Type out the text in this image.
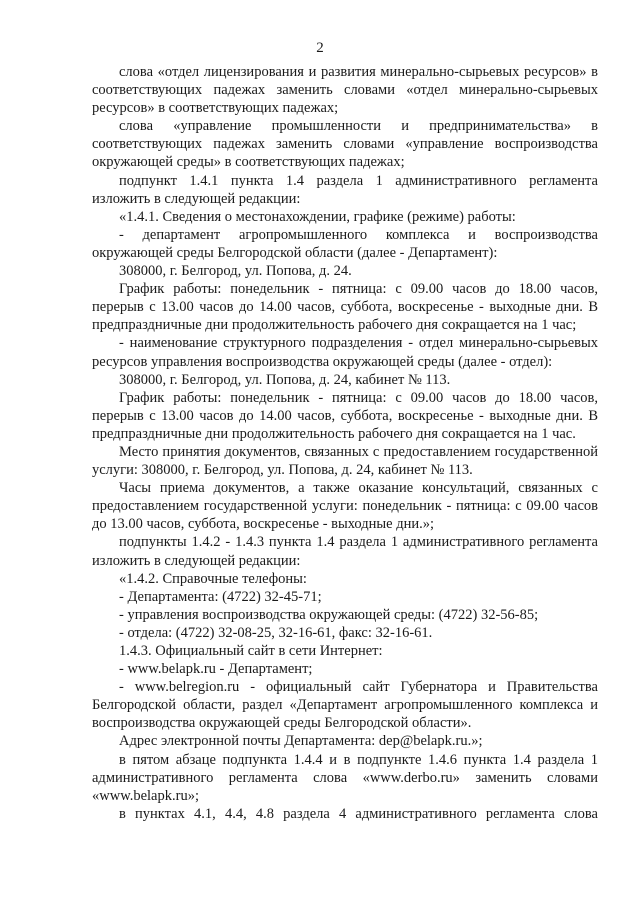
2

слова «отдел лицензирования и развития минерально-сырьевых ресурсов» в соответствующих падежах заменить словами «отдел минерально-сырьевых ресурсов» в соответствующих падежах;

слова «управление промышленности и предпринимательства» в соответствующих падежах заменить словами «управление воспроизводства окружающей среды» в соответствующих падежах;

подпункт 1.4.1 пункта 1.4 раздела 1 административного регламента изложить в следующей редакции:

«1.4.1. Сведения о местонахождении, графике (режиме) работы:

- департамент агропромышленного комплекса и воспроизводства окружающей среды Белгородской области (далее - Департамент):

308000, г. Белгород, ул. Попова, д. 24.

График работы: понедельник - пятница: с 09.00 часов до 18.00 часов, перерыв с 13.00 часов до 14.00 часов, суббота, воскресенье - выходные дни. В предпраздничные дни продолжительность рабочего дня сокращается на 1 час;

- наименование структурного подразделения - отдел минерально-сырьевых ресурсов управления воспроизводства окружающей среды (далее - отдел):

308000, г. Белгород, ул. Попова, д. 24, кабинет № 113.

График работы: понедельник - пятница: с 09.00 часов до 18.00 часов, перерыв с 13.00 часов до 14.00 часов, суббота, воскресенье - выходные дни. В предпраздничные дни продолжительность рабочего дня сокращается на 1 час.

Место принятия документов, связанных с предоставлением государственной услуги: 308000, г. Белгород, ул. Попова, д. 24, кабинет № 113.

Часы приема документов, а также оказание консультаций, связанных с предоставлением государственной услуги: понедельник - пятница: с 09.00 часов до 13.00 часов, суббота, воскресенье - выходные дни.»;

подпункты 1.4.2 - 1.4.3 пункта 1.4 раздела 1 административного регламента изложить в следующей редакции:

«1.4.2. Справочные телефоны:

- Департамента: (4722) 32-45-71;

- управления воспроизводства окружающей среды: (4722) 32-56-85;

- отдела: (4722) 32-08-25, 32-16-61, факс: 32-16-61.

1.4.3. Официальный сайт в сети Интернет:

- www.belapk.ru - Департамент;

- www.belregion.ru - официальный сайт Губернатора и Правительства Белгородской области, раздел «Департамент агропромышленного комплекса и воспроизводства окружающей среды Белгородской области».

Адрес электронной почты Департамента: dep@belapk.ru.»;

в пятом абзаце подпункта 1.4.4 и в подпункте 1.4.6 пункта 1.4 раздела 1 административного регламента слова «www.derbo.ru» заменить словами «www.belapk.ru»;

в пунктах 4.1, 4.4, 4.8 раздела 4 административного регламента слова
